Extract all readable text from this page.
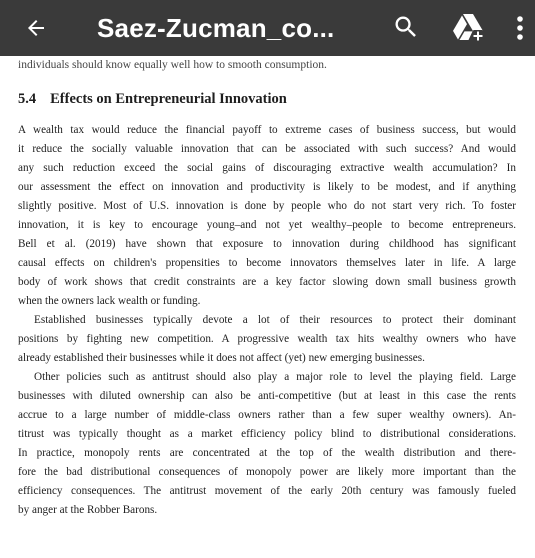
Saez-Zucman_co...
individuals should know equally well how to smooth consumption.
5.4 Effects on Entrepreneurial Innovation
A wealth tax would reduce the financial payoff to extreme cases of business success, but would
it reduce the socially valuable innovation that can be associated with such success? And would
any such reduction exceed the social gains of discouraging extractive wealth accumulation? In
our assessment the effect on innovation and productivity is likely to be modest, and if anything
slightly positive. Most of U.S. innovation is done by people who do not start very rich. To foster
innovation, it is key to encourage young–and not yet wealthy–people to become entrepreneurs.
Bell et al. (2019) have shown that exposure to innovation during childhood has significant
causal effects on children's propensities to become innovators themselves later in life. A large
body of work shows that credit constraints are a key factor slowing down small business growth
when the owners lack wealth or funding.
Established businesses typically devote a lot of their resources to protect their dominant
positions by fighting new competition. A progressive wealth tax hits wealthy owners who have
already established their businesses while it does not affect (yet) new emerging businesses.
Other policies such as antitrust should also play a major role to level the playing field. Large
businesses with diluted ownership can also be anti-competitive (but at least in this case the rents
accrue to a large number of middle-class owners rather than a few super wealthy owners). An-
titrust was typically thought as a market efficiency policy blind to distributional considerations.
In practice, monopoly rents are concentrated at the top of the wealth distribution and there-
fore the bad distributional consequences of monopoly power are likely more important than the
efficiency consequences. The antitrust movement of the early 20th century was famously fueled
by anger at the Robber Barons.
